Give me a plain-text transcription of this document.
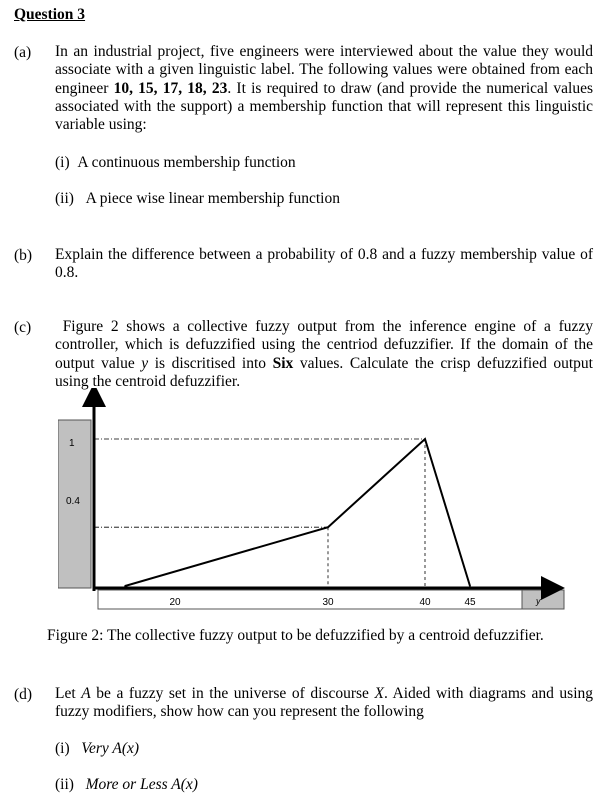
Question 3
(a) In an industrial project, five engineers were interviewed about the value they would associate with a given linguistic label. The following values were obtained from each engineer 10, 15, 17, 18, 23. It is required to draw (and provide the numerical values associated with the support) a membership function that will represent this linguistic variable using:
(i) A continuous membership function
(ii) A piece wise linear membership function
(b) Explain the difference between a probability of 0.8 and a fuzzy membership value of 0.8.
(c)	Figure 2 shows a collective fuzzy output from the inference engine of a fuzzy controller, which is defuzzified using the centriod defuzzifier. If the domain of the output value y is discritised into Six values. Calculate the crisp defuzzified output using the centroid defuzzifier.
1
0.4
20	30	40	45	y
Figure 2: The collective fuzzy output to be defuzzified by a centroid defuzzifier.
(d) Let A be a fuzzy set in the universe of discourse X. Aided with diagrams and using fuzzy modifiers, show how can you represent the following
(i) Very A(x)
(ii) More or Less A(x)
